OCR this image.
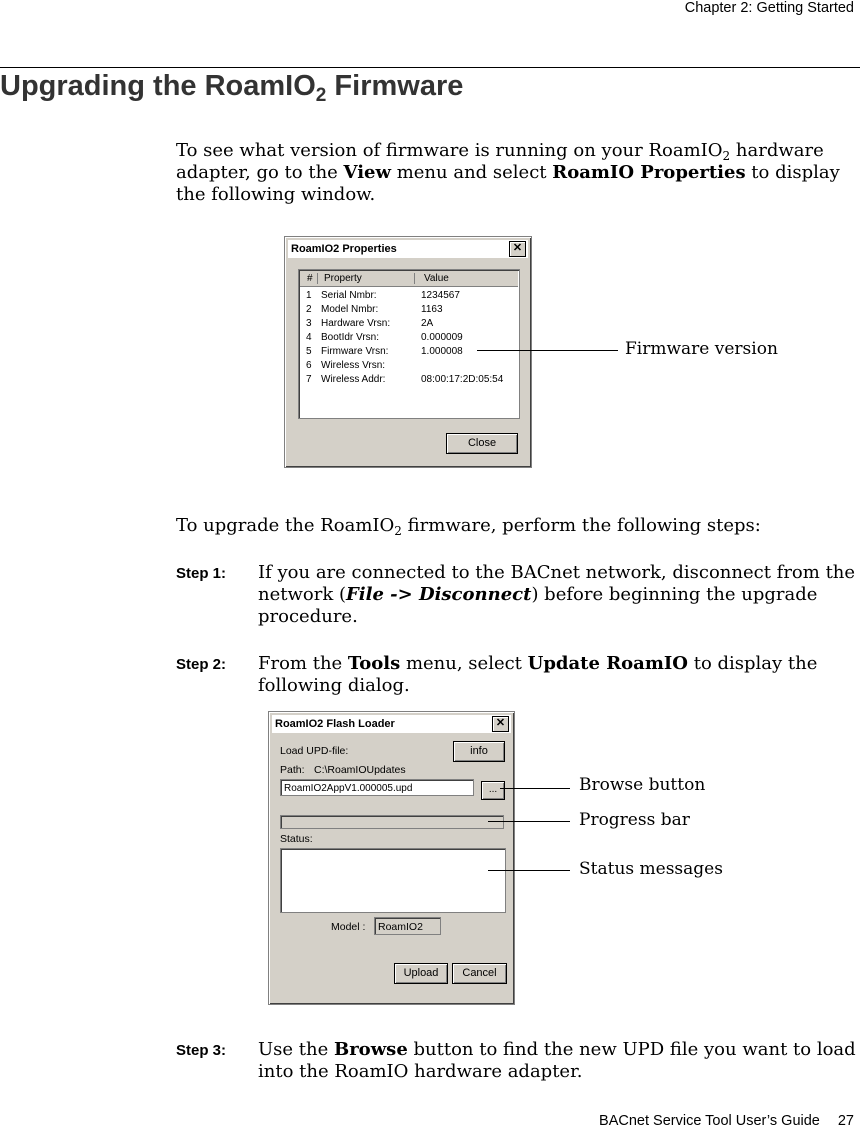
Chapter 2: Getting Started
Upgrading the RoamIO$_2$ Firmware
To see what version of firmware is running on your RoamIO$_2$ hardware adapter, go to the View menu and select RoamIO Properties to display the following window.
RoamIO2 Properties	✕
#	Property	Value
1 Serial Nmbr:	1234567
2 Model Nmbr:	1163
3 Hardware Vrsn:	2A
4 BootIdr Vrsn:	0.000009
5 Firmware Vrsn:	1.000008
6 Wireless Vrsn:
7 Wireless Addr:	08:00:17:2D:05:54
Close
Firmware version
To upgrade the RoamIO$_2$ firmware, perform the following steps:
Step 1: If you are connected to the BACnet network, disconnect from the network (File -> Disconnect) before beginning the upgrade procedure.
Step 2: From the Tools menu, select Update RoamIO to display the following dialog.
RoamIO2 Flash Loader	✕
Load UPD-file:	info
Path: C:\RoamIOUpdates
RoamIO2AppV1.000005.upd	...
Status:
Model :	RoamIO2
Upload	Cancel
Browse button
Progress bar
Status messages
Step 3: Use the Browse button to find the new UPD file you want to load into the RoamIO hardware adapter.
BACnet Service Tool User’s Guide 27
